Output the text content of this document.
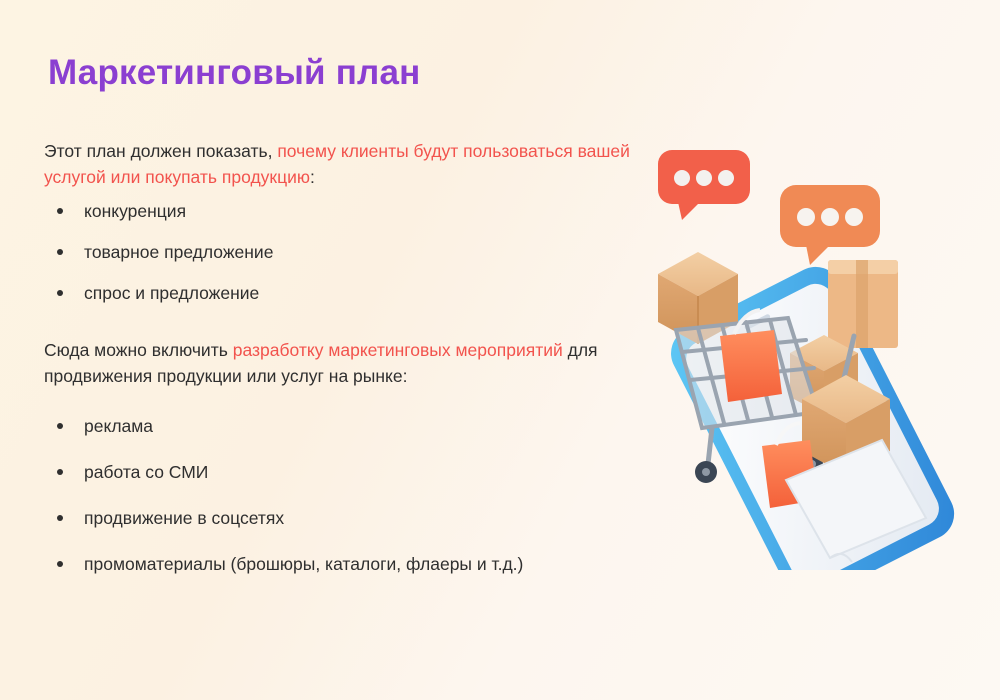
Маркетинговый план

Этот план должен показать, почему клиенты будут пользоваться вашей услугой или покупать продукцию:

конкуренция
товарное предложение
спрос и предложение

Сюда можно включить разработку маркетинговых мероприятий для продвижения продукции или услуг на рынке:

реклама
работа со СМИ
продвижение в соцсетях
промоматериалы (брошюры, каталоги, флаеры и т.д.)
